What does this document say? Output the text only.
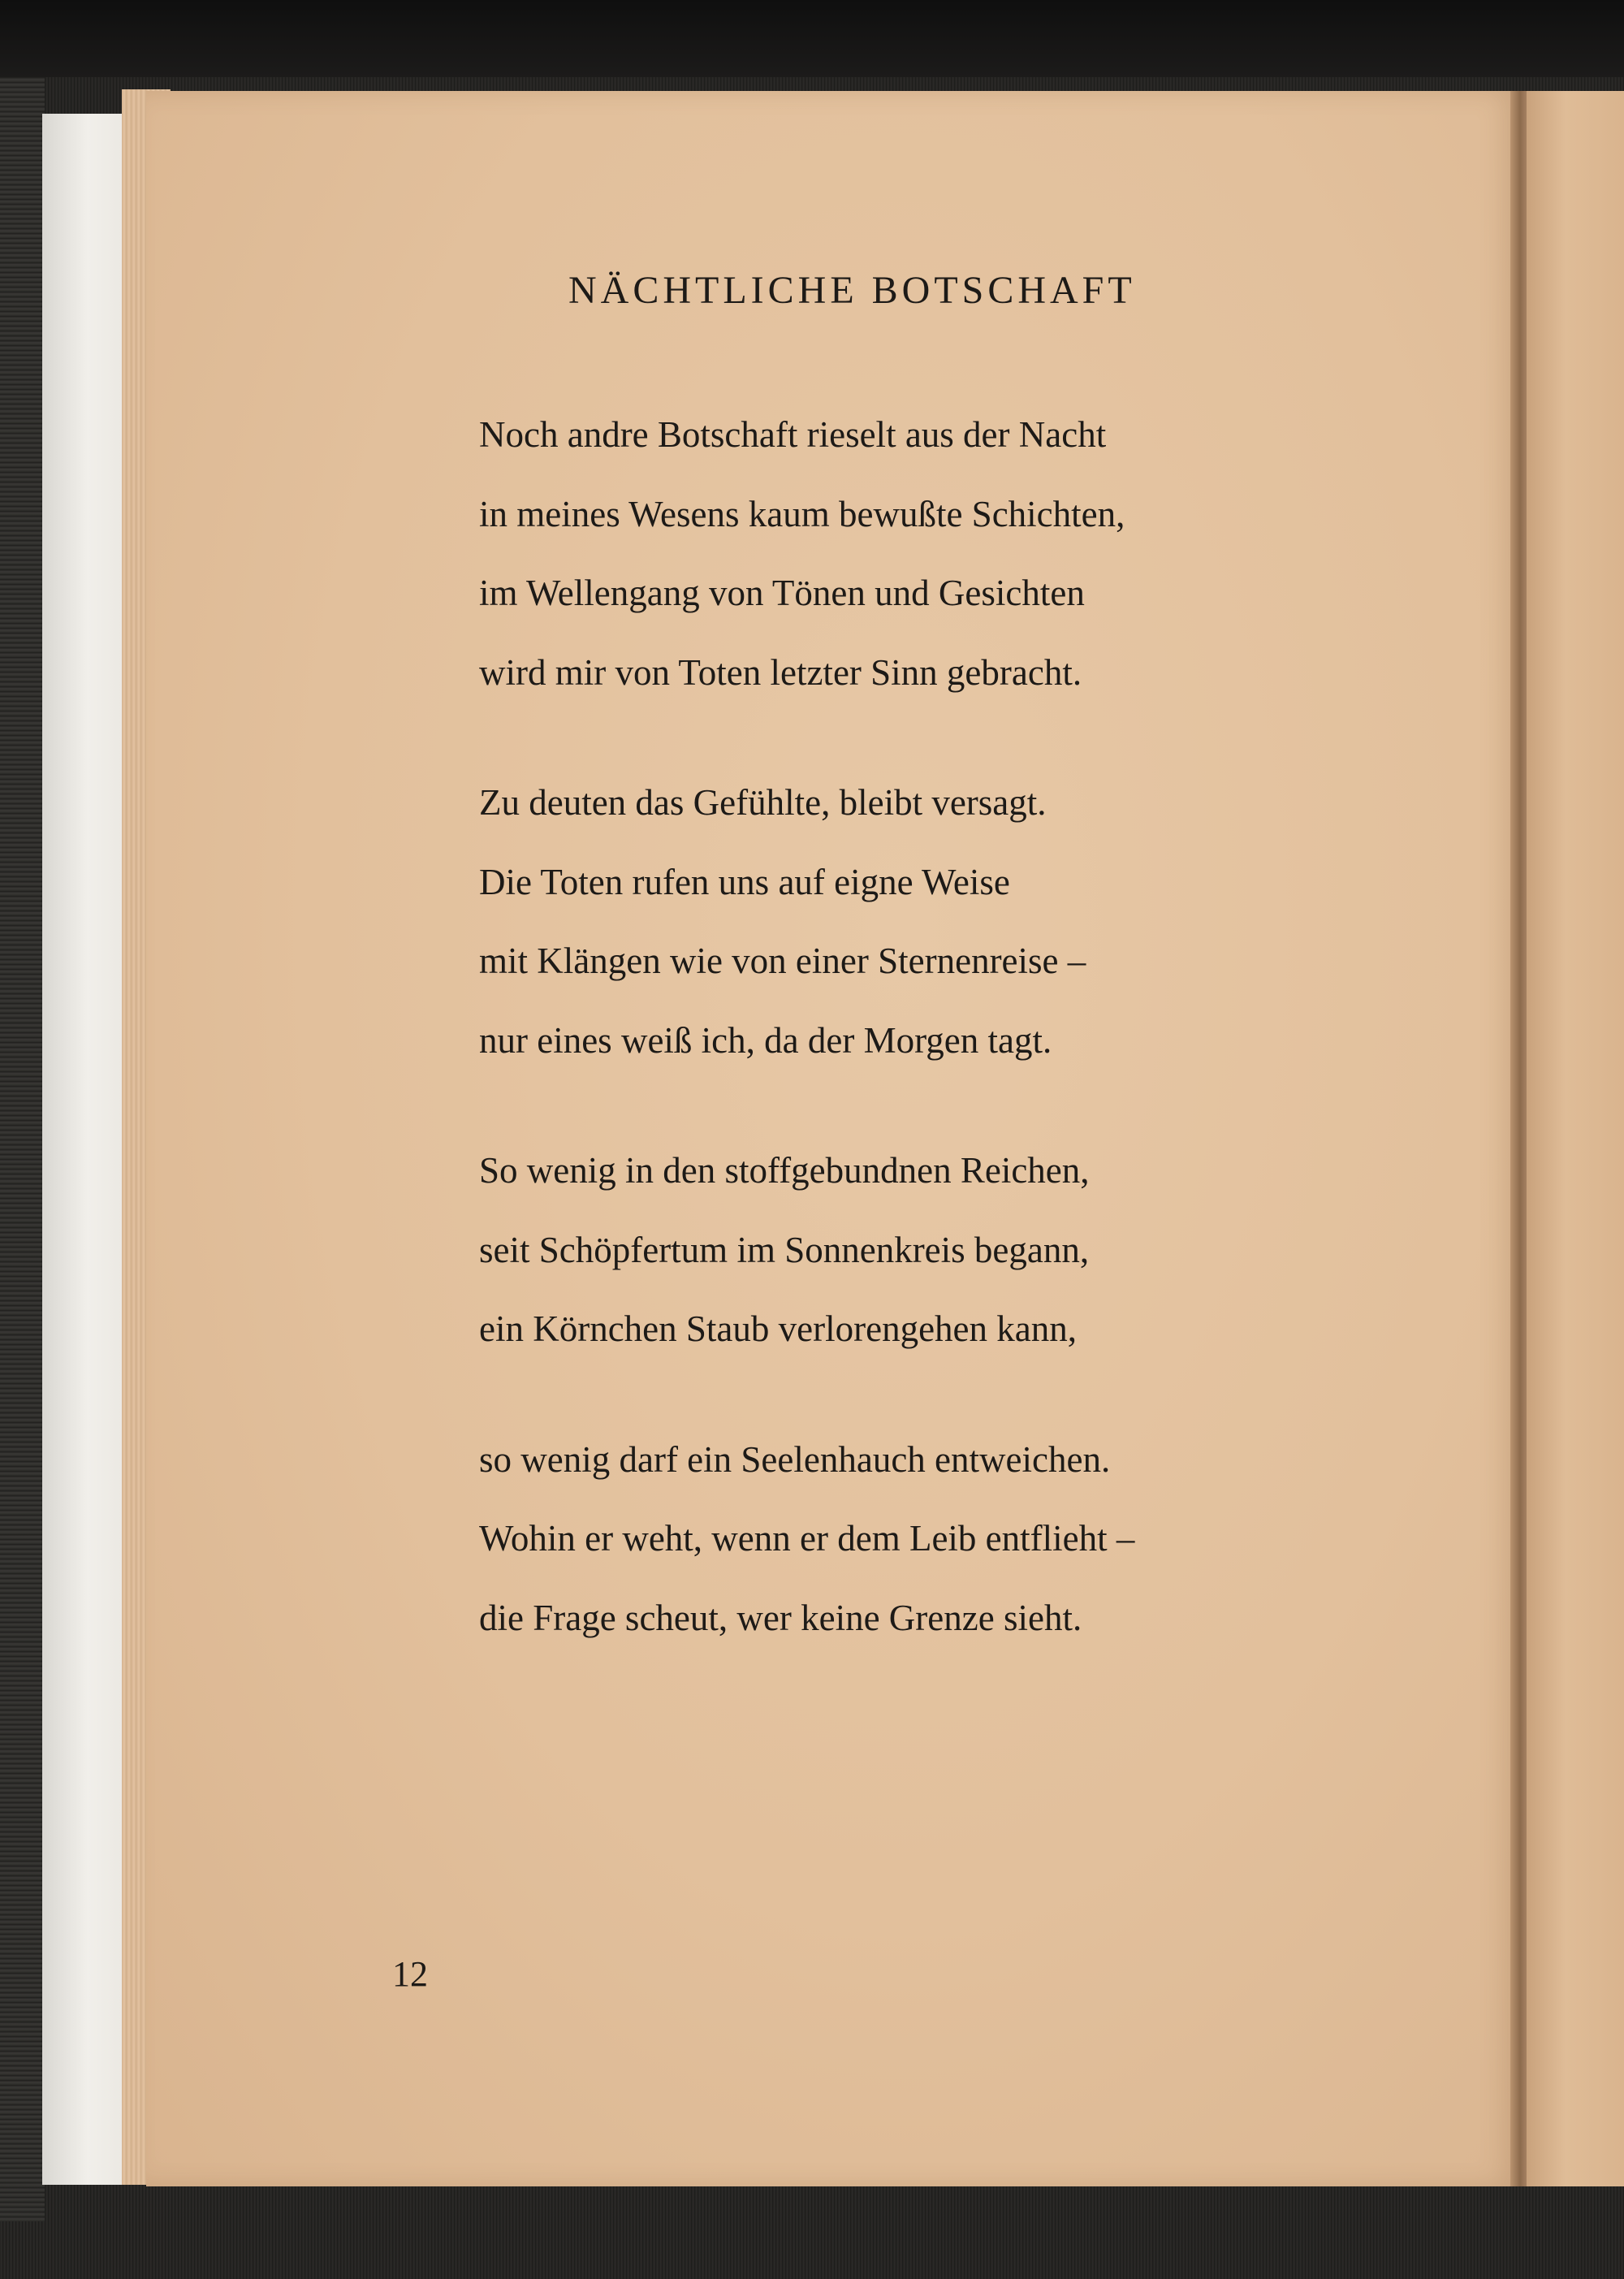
NÄCHTLICHE BOTSCHAFT
Noch andre Botschaft rieselt aus der Nacht
in meines Wesens kaum bewußte Schichten,
im Wellengang von Tönen und Gesichten
wird mir von Toten letzter Sinn gebracht.
Zu deuten das Gefühlte, bleibt versagt.
Die Toten rufen uns auf eigne Weise
mit Klängen wie von einer Sternenreise –
nur eines weiß ich, da der Morgen tagt.
So wenig in den stoffgebundnen Reichen,
seit Schöpfertum im Sonnenkreis begann,
ein Körnchen Staub verlorengehen kann,
so wenig darf ein Seelenhauch entweichen.
Wohin er weht, wenn er dem Leib entflieht –
die Frage scheut, wer keine Grenze sieht.
12
